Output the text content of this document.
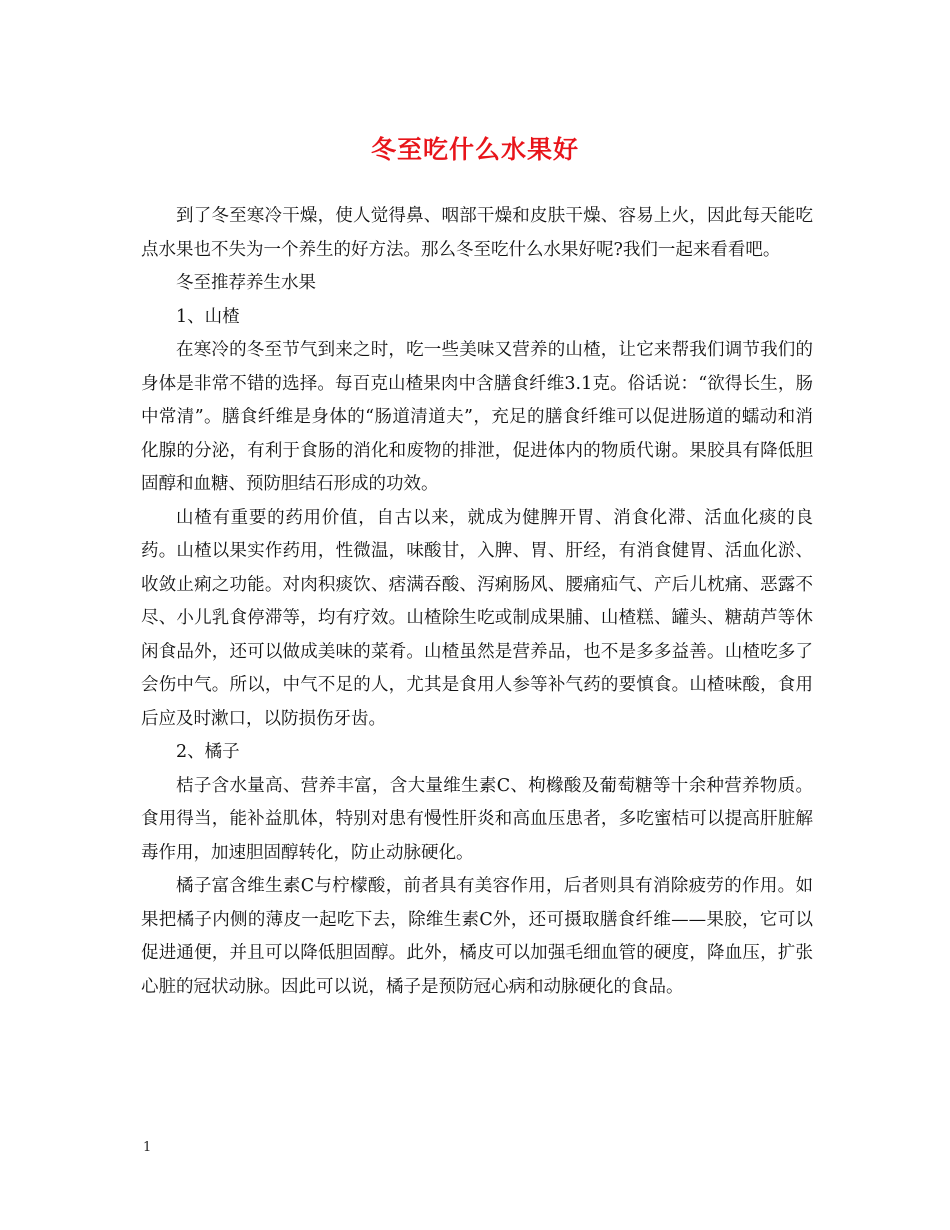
冬至吃什么水果好

到了冬至寒冷干燥，使人觉得鼻、咽部干燥和皮肤干燥、容易上火，因此每天能吃点水果也不失为一个养生的好方法。那么冬至吃什么水果好呢?我们一起来看看吧。

冬至推荐养生水果

1、山楂

在寒冷的冬至节气到来之时，吃一些美味又营养的山楂，让它来帮我们调节我们的身体是非常不错的选择。每百克山楂果肉中含膳食纤维3.1克。俗话说：“欲得长生，肠中常清”。膳食纤维是身体的“肠道清道夫”，充足的膳食纤维可以促进肠道的蠕动和消化腺的分泌，有利于食肠的消化和废物的排泄，促进体内的物质代谢。果胶具有降低胆固醇和血糖、预防胆结石形成的功效。

山楂有重要的药用价值，自古以来，就成为健脾开胃、消食化滞、活血化痰的良药。山楂以果实作药用，性微温，味酸甘，入脾、胃、肝经，有消食健胃、活血化淤、收敛止痢之功能。对肉积痰饮、痞满吞酸、泻痢肠风、腰痛疝气、产后儿枕痛、恶露不尽、小儿乳食停滞等，均有疗效。山楂除生吃或制成果脯、山楂糕、罐头、糖葫芦等休闲食品外，还可以做成美味的菜肴。山楂虽然是营养品，也不是多多益善。山楂吃多了会伤中气。所以，中气不足的人，尤其是食用人参等补气药的要慎食。山楂味酸，食用后应及时漱口，以防损伤牙齿。

2、橘子

桔子含水量高、营养丰富，含大量维生素C、枸橼酸及葡萄糖等十余种营养物质。食用得当，能补益肌体，特别对患有慢性肝炎和高血压患者，多吃蜜桔可以提高肝脏解毒作用，加速胆固醇转化，防止动脉硬化。

橘子富含维生素C与柠檬酸，前者具有美容作用，后者则具有消除疲劳的作用。如果把橘子内侧的薄皮一起吃下去，除维生素C外，还可摄取膳食纤维——果胶，它可以促进通便，并且可以降低胆固醇。此外，橘皮可以加强毛细血管的硬度，降血压，扩张心脏的冠状动脉。因此可以说，橘子是预防冠心病和动脉硬化的食品。

1
